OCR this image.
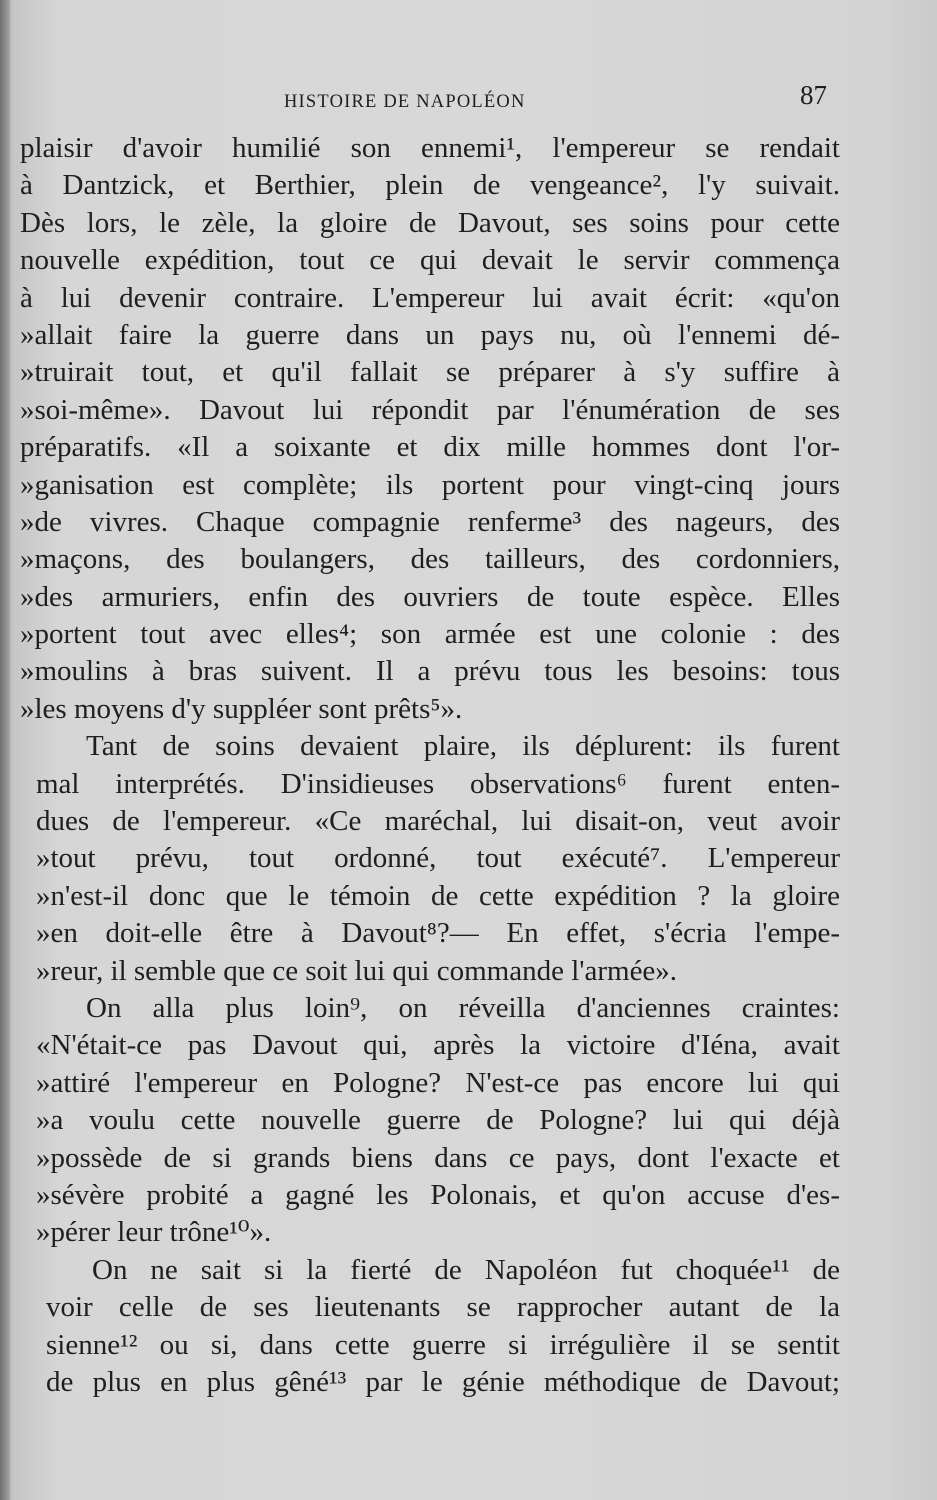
HISTOIRE DE NAPOLÉON	87
plaisir d'avoir humilié son ennemi¹, l'empereur se rendait
à Dantzick, et Berthier, plein de vengeance², l'y suivait.
Dès lors, le zèle, la gloire de Davout, ses soins pour cette
nouvelle expédition, tout ce qui devait le servir commença
à lui devenir contraire. L'empereur lui avait écrit: «qu'on
»allait faire la guerre dans un pays nu, où l'ennemi dé-
»truirait tout, et qu'il fallait se préparer à s'y suffire à
»soi-même». Davout lui répondit par l'énumération de ses
préparatifs. «Il a soixante et dix mille hommes dont l'or-
»ganisation est complète; ils portent pour vingt-cinq jours
»de vivres. Chaque compagnie renferme³ des nageurs, des
»maçons, des boulangers, des tailleurs, des cordonniers,
»des armuriers, enfin des ouvriers de toute espèce. Elles
»portent tout avec elles⁴; son armée est une colonie : des
»moulins à bras suivent. Il a prévu tous les besoins: tous
»les moyens d'y suppléer sont prêts⁵».
Tant de soins devaient plaire, ils déplurent: ils furent
mal interprétés. D'insidieuses observations⁶ furent enten-
dues de l'empereur. «Ce maréchal, lui disait-on, veut avoir
»tout prévu, tout ordonné, tout exécuté⁷. L'empereur
»n'est-il donc que le témoin de cette expédition ? la gloire
»en doit-elle être à Davout⁸?— En effet, s'écria l'empe-
»reur, il semble que ce soit lui qui commande l'armée».
On alla plus loin⁹, on réveilla d'anciennes craintes:
«N'était-ce pas Davout qui, après la victoire d'Iéna, avait
»attiré l'empereur en Pologne? N'est-ce pas encore lui qui
»a voulu cette nouvelle guerre de Pologne? lui qui déjà
»possède de si grands biens dans ce pays, dont l'exacte et
»sévère probité a gagné les Polonais, et qu'on accuse d'es-
»pérer leur trône¹⁰».
On ne sait si la fierté de Napoléon fut choquée¹¹ de
voir celle de ses lieutenants se rapprocher autant de la
sienne¹² ou si, dans cette guerre si irrégulière il se sentit
de plus en plus gêné¹³ par le génie méthodique de Davout;
